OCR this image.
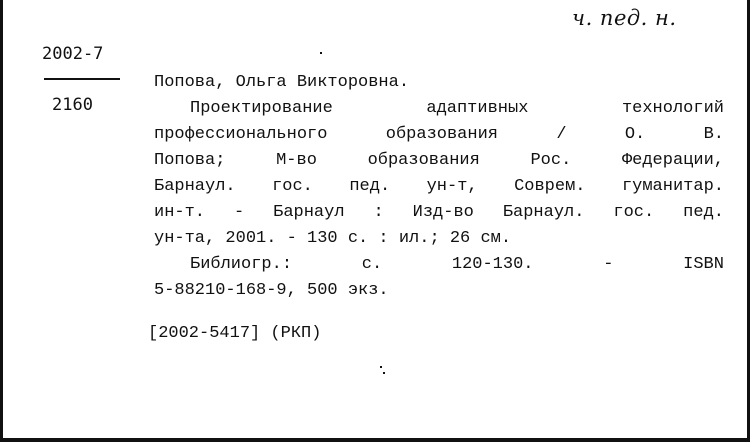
ч. пед. н.
2002-7
2160
Попова, Ольга Викторовна.
Проектирование	адаптивных	технологий
профессионального	образования	/	О.	В.
Попова;	М-во	образования	Рос.	Федерации,
Барнаул. гос. пед. ун-т, Соврем. гуманитар.
ин-т. - Барнаул : Изд-во Барнаул. гос. пед.
ун-та, 2001. - 130 с. : ил.; 26 см.
Библиогр.:	с.	120-130.	-	ISBN
5-88210-168-9, 500 экз.
[2002-5417] (РКП)
